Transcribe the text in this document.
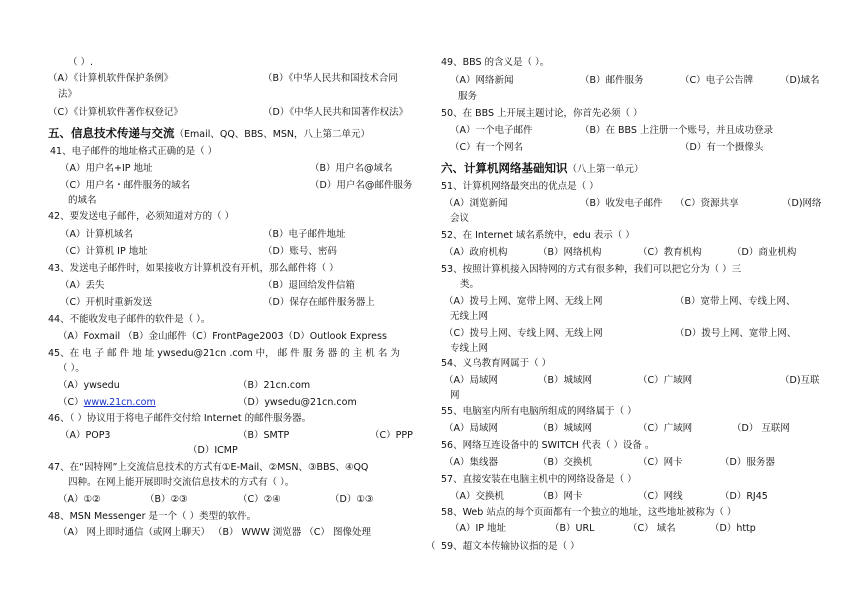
（ ）.
（A）《计算机软件保护条例》	（B）《中华人民共和国技术合同
法》
（C）《计算机软件著作权登记》	（D）《中华人民共和国著作权法》
五、信息技术传递与交流（Email、QQ、BBS、MSN，八上第二单元）
41、电子邮件的地址格式正确的是（ ）
（A）用户名+IP 地址	（B）用户名@域名
（C）用户名・邮件服务的域名	（D）用户名@邮件服务
的域名
42、要发送电子邮件，必须知道对方的（ ）
（A）计算机域名	（B）电子邮件地址
（C）计算机 IP 地址	（D）账号、密码
43、发送电子邮件时，如果接收方计算机没有开机，那么邮件将（ ）
（A）丢失	（B）退回给发件信箱
（C）开机时重新发送	（D）保存在邮件服务器上
44、不能收发电子邮件的软件是（ ）。
（A）Foxmail （B）金山邮件（C）FrontPage2003（D）Outlook Express
45、在 电 子 邮 件 地 址 ywsedu@21cn .com 中， 邮 件 服 务 器 的 主 机 名 为
（ ）。
（A）ywsedu	（B）21cn.com
（C）www.21cn.com	（D）ywsedu@21cn.com
46、（ ）协议用于将电子邮件交付给 Internet 的邮件服务器。
（A）POP3	（B）SMTP	（C）PPP
（D）ICMP
47、在“因特网”上交流信息技术的方式有①E-Mail、②MSN、③BBS、④QQ
四种。在网上能开展即时交流信息技术的方式有（ ）。
（A）①②	（B）②③	（C）②④	（D）①③
48、MSN Messenger 是一个（ ）类型的软件。
（A） 网上即时通信（或网上聊天） （B） WWW 浏览器 （C） 图像处理
49、BBS 的含义是（ ）。
（A）网络新闻	（B）邮件服务	（C）电子公告牌	（D)域名
服务
50、在 BBS 上开展主题讨论，你首先必须（ ）
（A）一个电子邮件	（B）在 BBS 上注册一个账号，并且成功登录
（C）有一个网名	（D）有一个摄像头
六、计算机网络基础知识（八上第一单元）
51、计算机网络最突出的优点是（ ）
（A）浏览新闻	（B）收发电子邮件 （C）资源共享	（D)网络
会议
52、在 Internet 域名系统中，edu 表示（ ）
（A）政府机构	（B）网络机构	（C）教育机构	（D）商业机构
53、按照计算机接入因特网的方式有很多种，我们可以把它分为（ ）三
类。
（A）拨号上网、宽带上网、无线上网	（B）宽带上网、专线上网、
无线上网
（C）拨号上网、专线上网、无线上网	（D）拨号上网、宽带上网、
专线上网
54、义乌教育网属于（ ）
（A）局域网	（B）城域网	（C）广域网	（D)互联
网
55、电脑室内所有电脑所组成的网络属于（ ）
（A）局域网	（B）城域网	（C）广域网	（D） 互联网
56、网络互连设备中的 SWITCH 代表（ ）设备 。
（A）集线器	（B）交换机	（C）网卡	（D）服务器
57、直接安装在电脑主机中的网络设备是（ ）
（A）交换机	（B）网卡	（C）网线	（D）RJ45
58、Web 站点的每个页面都有一个独立的地址，这些地址被称为（ ）
（A）IP 地址	（B）URL	（C） 域名	（D）http
（ 59、超文本传输协议指的是（ ）
